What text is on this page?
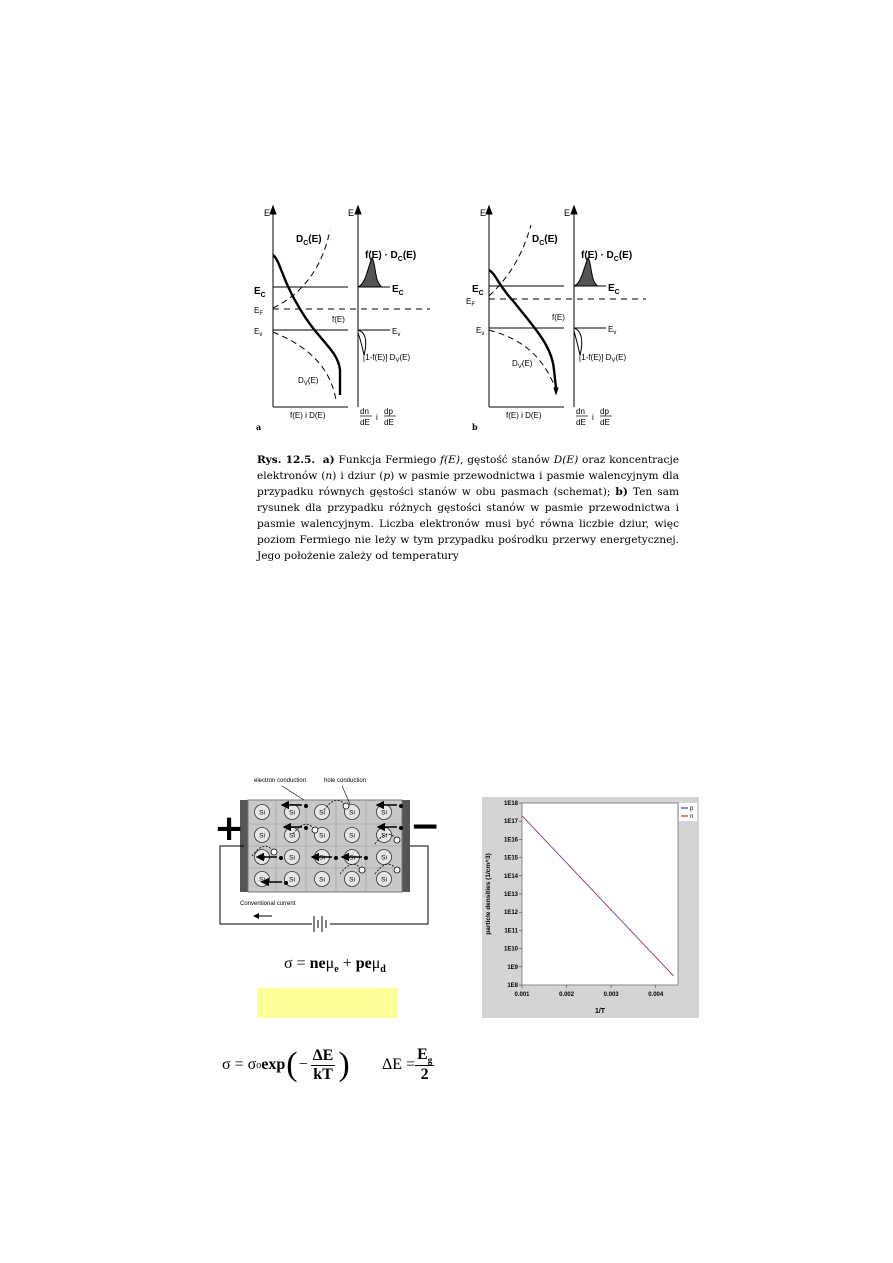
E	E
$D_C(E)$
$f(E) \cdot D_C(E)$
$E_C$
$E_C$
$E_F$
f(E)
$E_v$	$E_v$
[1-f(E)] $D_V(E)$
$D_V(E)$
f(E) i D(E)	dn
dE
i
dp
dE
a
E	E
$D_C(E)$
$f(E) \cdot D_C(E)$
$E_C$	$E_C$
$E_F$
f(E)
$E_v$	$E_v$
[1-f(E)] $D_V(E)$
$D_V(E)$
f(E) i D(E)	dn
dE
i
dp
dE
b
Rys. 12.5. a) Funkcja Fermiego f(E), gęstość stanów D(E) oraz koncentracje elektronów (n) i dziur (p) w pasmie przewodnictwa i pasmie walencyjnym dla przypadku równych gęstości stanów w obu pasmach (schemat); b) Ten sam rysunek dla przypadku różnych gęstości stanów w pasmie przewodnictwa i pasmie walencyjnym. Liczba elektronów musi być równa liczbie dziur, więc poziom Fermiego nie leży w tym przypadku pośrodku przerwy energetycznej. Jego położenie zależy od temperatury
Si	Si	Si	Si	Si
Si	Si	Si	Si	Si
Si	Si	Si	Si	Si
Si	Si	Si	Si	Si
+	−
electron conduction	hole conduction
Conventional current
σ = neμ$_e$ + peμ$_d$
σ = σ o exp ( − $\frac{\Delta E}{kT}$ ) $\Delta E = \frac{E_g}{2}$
1E8
1E9
1E10
1E11
1E12
1E13
1E14
1E15
1E16
1E17
1E18
0.001	0.002	0.003	0.004
p
n
1/T
particle densities (1/cm^3)
